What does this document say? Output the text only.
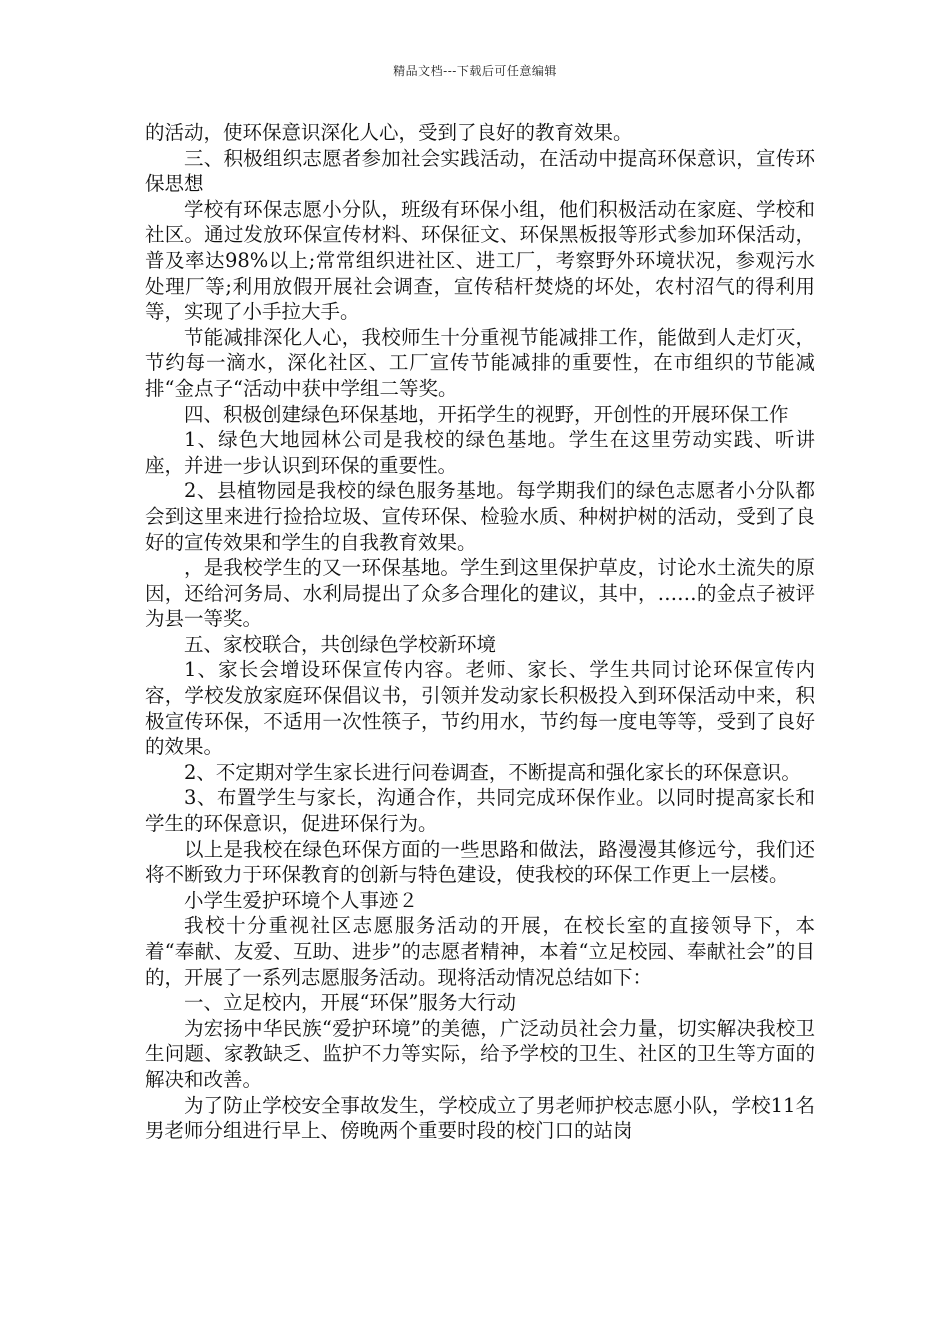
精品文档---下载后可任意编辑

的活动，使环保意识深化人心，受到了良好的教育效果。

三、积极组织志愿者参加社会实践活动，在活动中提高环保意识，宣传环保思想

学校有环保志愿小分队，班级有环保小组，他们积极活动在家庭、学校和社区。通过发放环保宣传材料、环保征文、环保黑板报等形式参加环保活动，普及率达98%以上;常常组织进社区、进工厂，考察野外环境状况，参观污水处理厂等;利用放假开展社会调查，宣传秸杆焚烧的坏处，农村沼气的得利用等，实现了小手拉大手。

节能减排深化人心，我校师生十分重视节能减排工作，能做到人走灯灭，节约每一滴水，深化社区、工厂宣传节能减排的重要性，在市组织的节能减排“金点子“活动中获中学组二等奖。

四、积极创建绿色环保基地，开拓学生的视野，开创性的开展环保工作

1、绿色大地园林公司是我校的绿色基地。学生在这里劳动实践、听讲座，并进一步认识到环保的重要性。

2、县植物园是我校的绿色服务基地。每学期我们的绿色志愿者小分队都会到这里来进行捡拾垃圾、宣传环保、检验水质、种树护树的活动，受到了良好的宣传效果和学生的自我教育效果。

，是我校学生的又一环保基地。学生到这里保护草皮，讨论水土流失的原因，还给河务局、水利局提出了众多合理化的建议，其中，……的金点子被评为县一等奖。

五、家校联合，共创绿色学校新环境

1、家长会增设环保宣传内容。老师、家长、学生共同讨论环保宣传内容，学校发放家庭环保倡议书，引领并发动家长积极投入到环保活动中来，积极宣传环保，不适用一次性筷子，节约用水，节约每一度电等等，受到了良好的效果。

2、不定期对学生家长进行问卷调查，不断提高和强化家长的环保意识。

3、布置学生与家长，沟通合作，共同完成环保作业。以同时提高家长和学生的环保意识，促进环保行为。

以上是我校在绿色环保方面的一些思路和做法，路漫漫其修远兮，我们还将不断致力于环保教育的创新与特色建设，使我校的环保工作更上一层楼。

小学生爱护环境个人事迹２

我校十分重视社区志愿服务活动的开展，在校长室的直接领导下，本着“奉献、友爱、互助、进步”的志愿者精神，本着“立足校园、奉献社会”的目的，开展了一系列志愿服务活动。现将活动情况总结如下：

一、立足校内，开展“环保”服务大行动

为宏扬中华民族“爱护环境”的美德，广泛动员社会力量，切实解决我校卫生问题、家教缺乏、监护不力等实际，给予学校的卫生、社区的卫生等方面的解决和改善。

为了防止学校安全事故发生，学校成立了男老师护校志愿小队，学校11名男老师分组进行早上、傍晚两个重要时段的校门口的站岗
